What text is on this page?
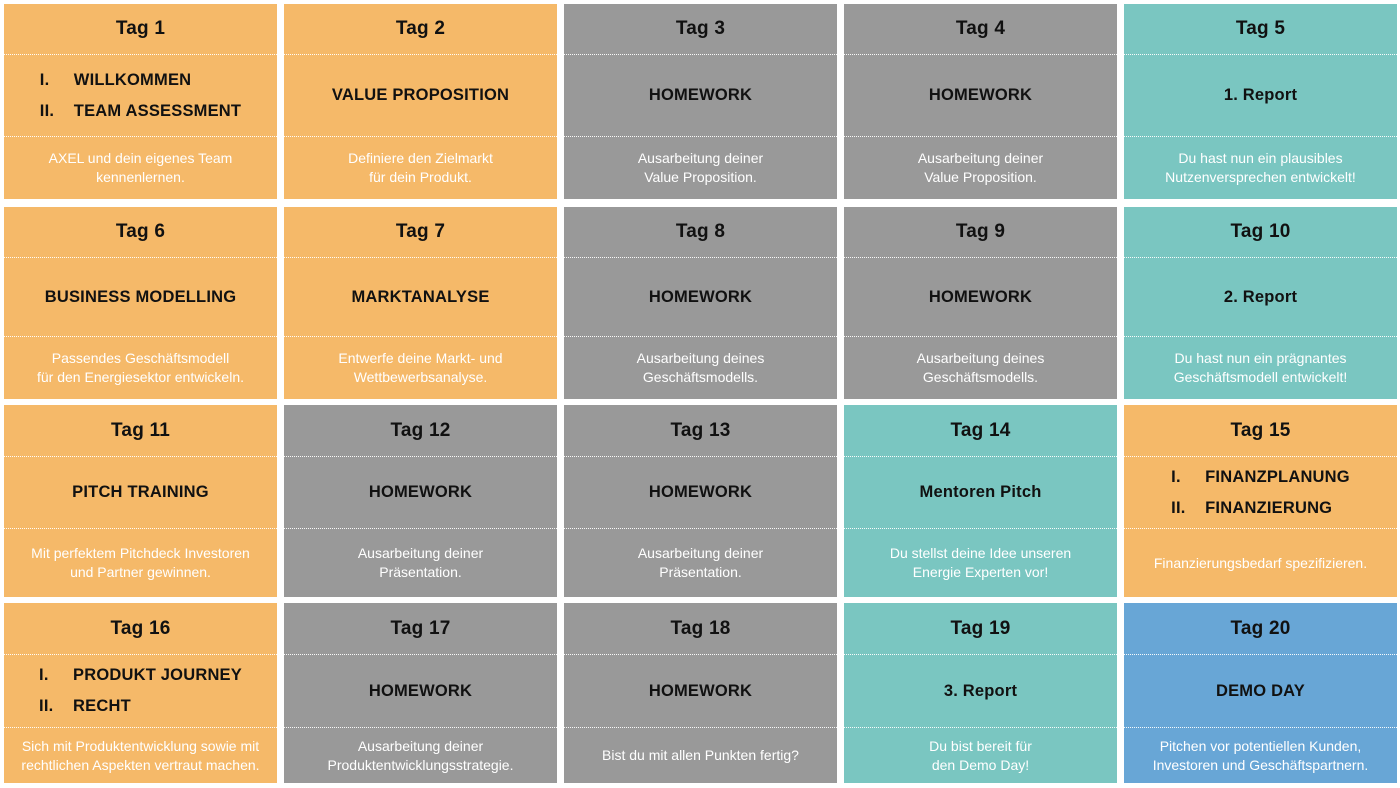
Tag 1
I.	WILLKOMMEN
II.	TEAM ASSESSMENT
AXEL und dein eigenes Team
kennenlernen.
Tag 2
VALUE PROPOSITION
Definiere den Zielmarkt
für dein Produkt.
Tag 3
HOMEWORK
Ausarbeitung deiner
Value Proposition.
Tag 4
HOMEWORK
Ausarbeitung deiner
Value Proposition.
Tag 5
1. Report
Du hast nun ein plausibles
Nutzenversprechen entwickelt!
Tag 6
BUSINESS MODELLING
Passendes Geschäftsmodell
für den Energiesektor entwickeln.
Tag 7
MARKTANALYSE
Entwerfe deine Markt- und
Wettbewerbsanalyse.
Tag 8
HOMEWORK
Ausarbeitung deines
Geschäftsmodells.
Tag 9
HOMEWORK
Ausarbeitung deines
Geschäftsmodells.
Tag 10
2. Report
Du hast nun ein prägnantes
Geschäftsmodell entwickelt!
Tag 11
PITCH TRAINING
Mit perfektem Pitchdeck Investoren
und Partner gewinnen.
Tag 12
HOMEWORK
Ausarbeitung deiner
Präsentation.
Tag 13
HOMEWORK
Ausarbeitung deiner
Präsentation.
Tag 14
Mentoren Pitch
Du stellst deine Idee unseren
Energie Experten vor!
Tag 15
I.	FINANZPLANUNG
II.	FINANZIERUNG
Finanzierungsbedarf spezifizieren.
Tag 16
I.	PRODUKT JOURNEY
II.	RECHT
Sich mit Produktentwicklung sowie mit
rechtlichen Aspekten vertraut machen.
Tag 17
HOMEWORK
Ausarbeitung deiner
Produktentwicklungsstrategie.
Tag 18
HOMEWORK
Bist du mit allen Punkten fertig?
Tag 19
3. Report
Du bist bereit für
den Demo Day!
Tag 20
DEMO DAY
Pitchen vor potentiellen Kunden,
Investoren und Geschäftspartnern.
